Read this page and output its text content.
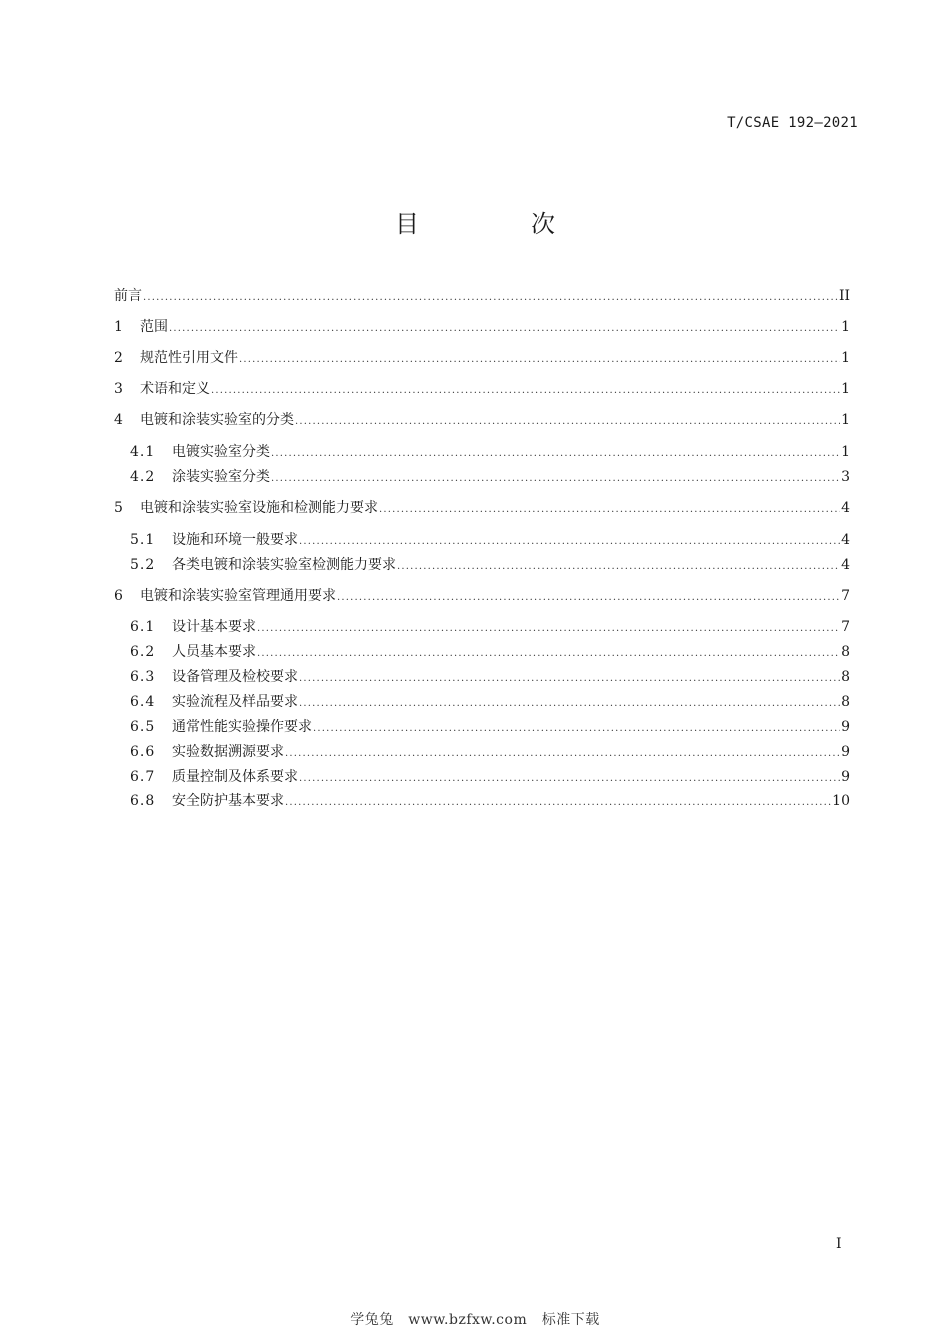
T/CSAE 192—2021
目　次
前言 .....	II
1	范围 .....	1
2	规范性引用文件 .....	1
3	术语和定义 .....	1
4	电镀和涂装实验室的分类 .....	1
4.1	电镀实验室分类 .....	1
4.2	涂装实验室分类 .....	3
5	电镀和涂装实验室设施和检测能力要求 .....	4
5.1	设施和环境一般要求 .....	4
5.2	各类电镀和涂装实验室检测能力要求 .....	4
6	电镀和涂装实验室管理通用要求 .....	7
6.1	设计基本要求 .....	7
6.2	人员基本要求 .....	8
6.3	设备管理及检校要求 .....	8
6.4	实验流程及样品要求 .....	8
6.5	通常性能实验操作要求 .....	9
6.6	实验数据溯源要求 .....	9
6.7	质量控制及体系要求 .....	9
6.8	安全防护基本要求 .....	10
I
学兔兔　www.bzfxw.com　标准下载
